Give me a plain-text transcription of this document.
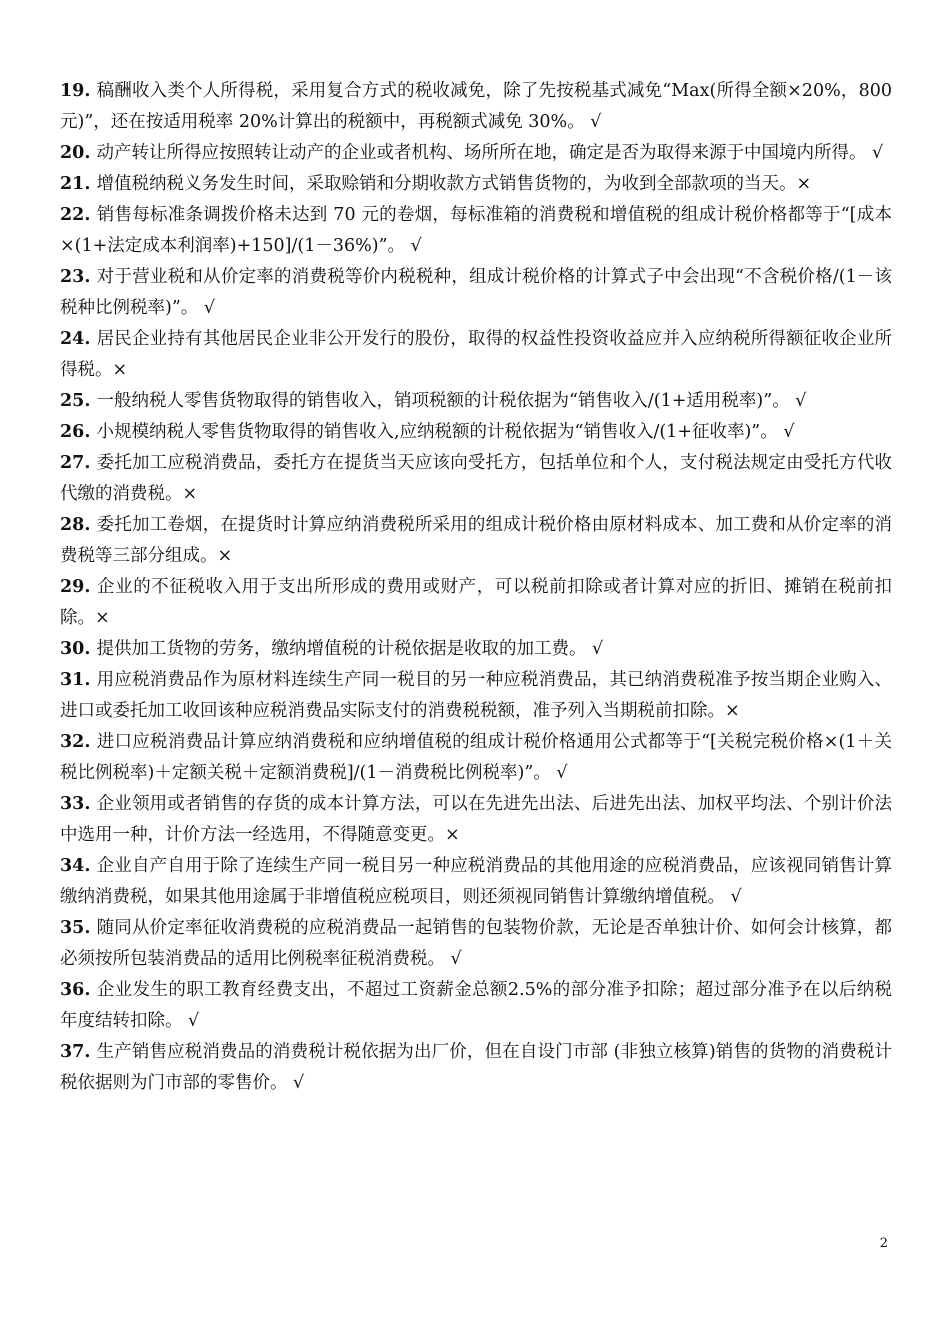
19. 稿酬收入类个人所得税，采用复合方式的税收减免，除了先按税基式减免“Max(所得全额×20%，800 元)”，还在按适用税率 20%计算出的税额中，再税额式减免 30%。 √

20. 动产转让所得应按照转让动产的企业或者机构、场所所在地，确定是否为取得来源于中国境内所得。 √

21. 增值税纳税义务发生时间，采取赊销和分期收款方式销售货物的，为收到全部款项的当天。×

22. 销售每标准条调拨价格未达到 70 元的卷烟，每标准箱的消费税和增值税的组成计税价格都等于“[成本×(1+法定成本利润率)+150]/(1－36%)”。 √

23. 对于营业税和从价定率的消费税等价内税税种，组成计税价格的计算式子中会出现“不含税价格/(1－该税种比例税率)”。 √

24. 居民企业持有其他居民企业非公开发行的股份，取得的权益性投资收益应并入应纳税所得额征收企业所得税。×

25. 一般纳税人零售货物取得的销售收入，销项税额的计税依据为“销售收入/(1+适用税率)”。 √

26. 小规模纳税人零售货物取得的销售收入,应纳税额的计税依据为“销售收入/(1+征收率)”。 √

27. 委托加工应税消费品，委托方在提货当天应该向受托方，包括单位和个人，支付税法规定由受托方代收代缴的消费税。×

28. 委托加工卷烟，在提货时计算应纳消费税所采用的组成计税价格由原材料成本、加工费和从价定率的消费税等三部分组成。×

29. 企业的不征税收入用于支出所形成的费用或财产，可以税前扣除或者计算对应的折旧、摊销在税前扣除。×

30. 提供加工货物的劳务，缴纳增值税的计税依据是收取的加工费。 √

31. 用应税消费品作为原材料连续生产同一税目的另一种应税消费品，其已纳消费税准予按当期企业购入、进口或委托加工收回该种应税消费品实际支付的消费税税额，准予列入当期税前扣除。×

32. 进口应税消费品计算应纳消费税和应纳增值税的组成计税价格通用公式都等于“[关税完税价格×(1＋关税比例税率)＋定额关税＋定额消费税]/(1－消费税比例税率)”。 √

33. 企业领用或者销售的存货的成本计算方法，可以在先进先出法、后进先出法、加权平均法、个别计价法中选用一种，计价方法一经选用，不得随意变更。×

34. 企业自产自用于除了连续生产同一税目另一种应税消费品的其他用途的应税消费品，应该视同销售计算缴纳消费税，如果其他用途属于非增值税应税项目，则还须视同销售计算缴纳增值税。 √

35. 随同从价定率征收消费税的应税消费品一起销售的包装物价款，无论是否单独计价、如何会计核算，都必须按所包装消费品的适用比例税率征税消费税。 √

36. 企业发生的职工教育经费支出，不超过工资薪金总额2.5%的部分准予扣除；超过部分准予在以后纳税年度结转扣除。 √

37. 生产销售应税消费品的消费税计税依据为出厂价，但在自设门市部 (非独立核算)销售的货物的消费税计税依据则为门市部的零售价。 √

2
